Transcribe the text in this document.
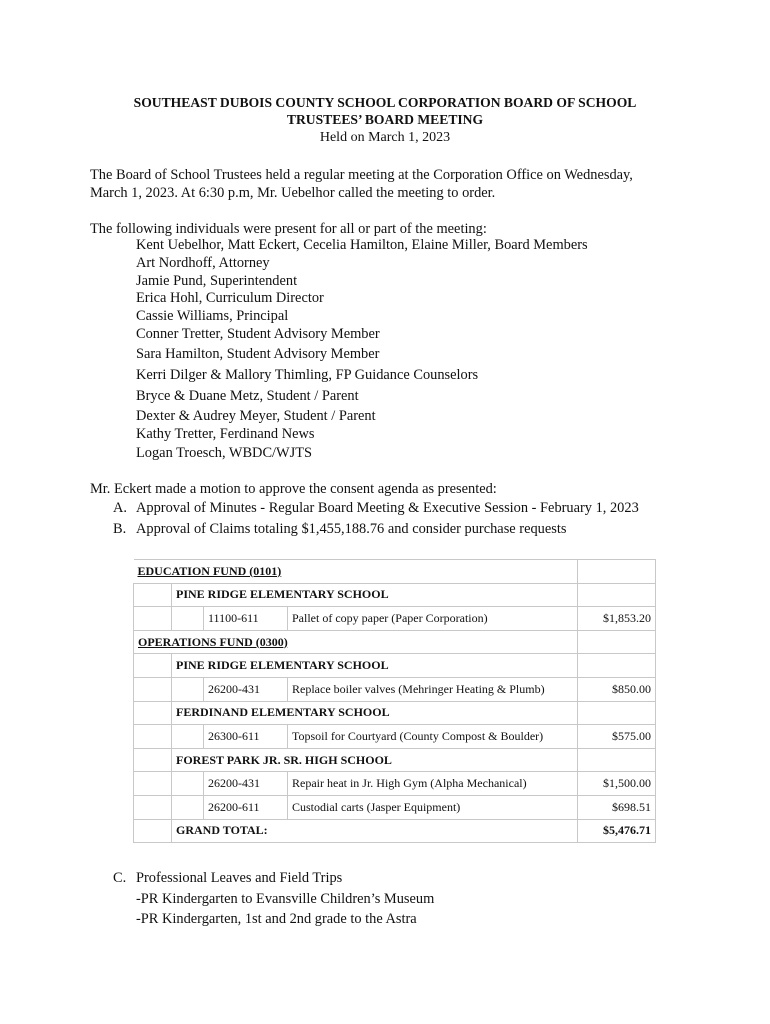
SOUTHEAST DUBOIS COUNTY SCHOOL CORPORATION BOARD OF SCHOOL
TRUSTEES’ BOARD MEETING
Held on March 1, 2023
The Board of School Trustees held a regular meeting at the Corporation Office on Wednesday,
March 1, 2023. At 6:30 p.m, Mr. Uebelhor called the meeting to order.
The following individuals were present for all or part of the meeting:
Kent Uebelhor, Matt Eckert, Cecelia Hamilton, Elaine Miller, Board Members
Art Nordhoff, Attorney
Jamie Pund, Superintendent
Erica Hohl, Curriculum Director
Cassie Williams, Principal
Conner Tretter, Student Advisory Member
Sara Hamilton, Student Advisory Member
Kerri Dilger & Mallory Thimling, FP Guidance Counselors
Bryce & Duane Metz, Student / Parent
Dexter & Audrey Meyer, Student / Parent
Kathy Tretter, Ferdinand News
Logan Troesch, WBDC/WJTS
Mr. Eckert made a motion to approve the consent agenda as presented:
A. Approval of Minutes - Regular Board Meeting & Executive Session - February 1, 2023
B. Approval of Claims totaling $1,455,188.76 and consider purchase requests
EDUCATION FUND (0101)				
	PINE RIDGE ELEMENTARY SCHOOL			
		11100-611	Pallet of copy paper (Paper Corporation)	$1,853.20
OPERATIONS FUND (0300)				
	PINE RIDGE ELEMENTARY SCHOOL			
		26200-431	Replace boiler valves (Mehringer Heating & Plumb)	$850.00
	FERDINAND ELEMENTARY SCHOOL			
		26300-611	Topsoil for Courtyard (County Compost & Boulder)	$575.00
	FOREST PARK JR. SR. HIGH SCHOOL			
		26200-431	Repair heat in Jr. High Gym (Alpha Mechanical)	$1,500.00
		26200-611	Custodial carts (Jasper Equipment)	$698.51
	GRAND TOTAL:			$5,476.71
C. Professional Leaves and Field Trips
-PR Kindergarten to Evansville Children’s Museum
-PR Kindergarten, 1st and 2nd grade to the Astra
